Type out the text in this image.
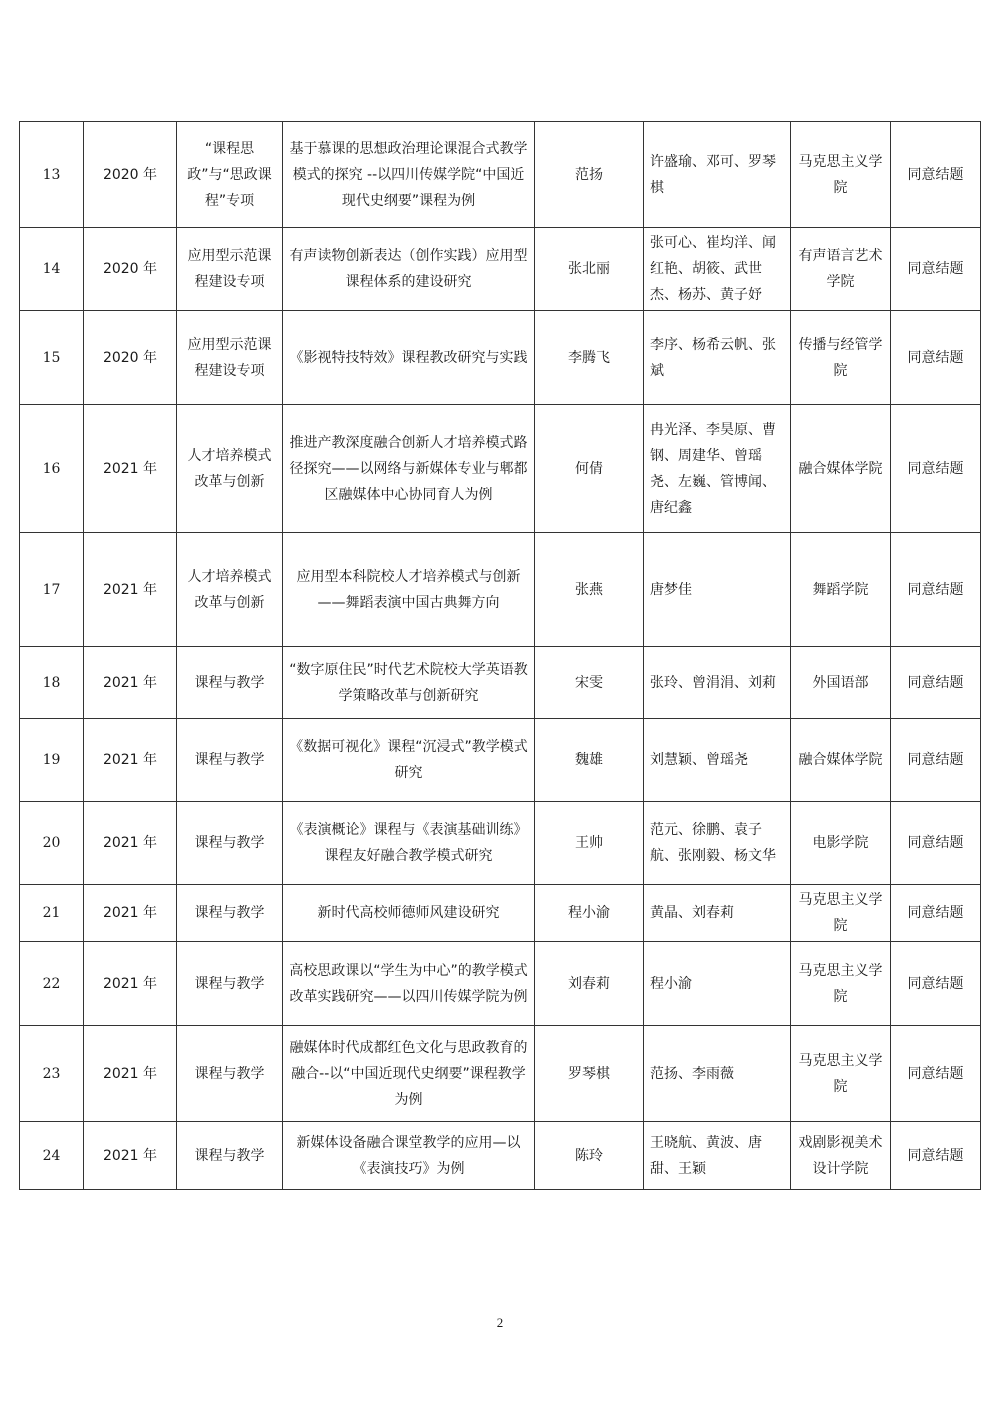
13	2020 年	“课程思政”与“思政课程”专项	基于慕课的思想政治理论课混合式教学模式的探究 --以四川传媒学院“中国近现代史纲要”课程为例	范扬	许盛瑜、邓可、罗琴棋	马克思主义学院	同意结题
14	2020 年	应用型示范课程建设专项	有声读物创新表达（创作实践）应用型课程体系的建设研究	张北丽	张可心、崔均洋、闻红艳、胡筱、武世杰、杨苏、黄子妤	有声语言艺术学院	同意结题
15	2020 年	应用型示范课程建设专项	《影视特技特效》课程教改研究与实践	李腾飞	李序、杨希云帆、张斌	传播与经管学院	同意结题
16	2021 年	人才培养模式改革与创新	推进产教深度融合创新人才培养模式路径探究——以网络与新媒体专业与郫都区融媒体中心协同育人为例	何倩	冉光泽、李昊原、曹钢、周建华、曾瑶尧、左巍、管博闻、唐纪鑫	融合媒体学院	同意结题
17	2021 年	人才培养模式改革与创新	应用型本科院校人才培养模式与创新——舞蹈表演中国古典舞方向	张燕	唐梦佳	舞蹈学院	同意结题
18	2021 年	课程与教学	“数字原住民”时代艺术院校大学英语教学策略改革与创新研究	宋雯	张玲、曾涓涓、刘莉	外国语部	同意结题
19	2021 年	课程与教学	《数据可视化》课程“沉浸式”教学模式研究	魏雄	刘慧颖、曾瑶尧	融合媒体学院	同意结题
20	2021 年	课程与教学	《表演概论》课程与《表演基础训练》课程友好融合教学模式研究	王帅	范元、徐鹏、袁子航、张刚毅、杨文华	电影学院	同意结题
21	2021 年	课程与教学	新时代高校师德师风建设研究	程小渝	黄晶、刘春莉	马克思主义学院	同意结题
22	2021 年	课程与教学	高校思政课以“学生为中心”的教学模式改革实践研究——以四川传媒学院为例	刘春莉	程小渝	马克思主义学院	同意结题
23	2021 年	课程与教学	融媒体时代成都红色文化与思政教育的融合--以“中国近现代史纲要”课程教学为例	罗琴棋	范扬、李雨薇	马克思主义学院	同意结题
24	2021 年	课程与教学	新媒体设备融合课堂教学的应用—以《表演技巧》为例	陈玲	王晓航、黄波、唐甜、王颖	戏剧影视美术设计学院	同意结题
2
